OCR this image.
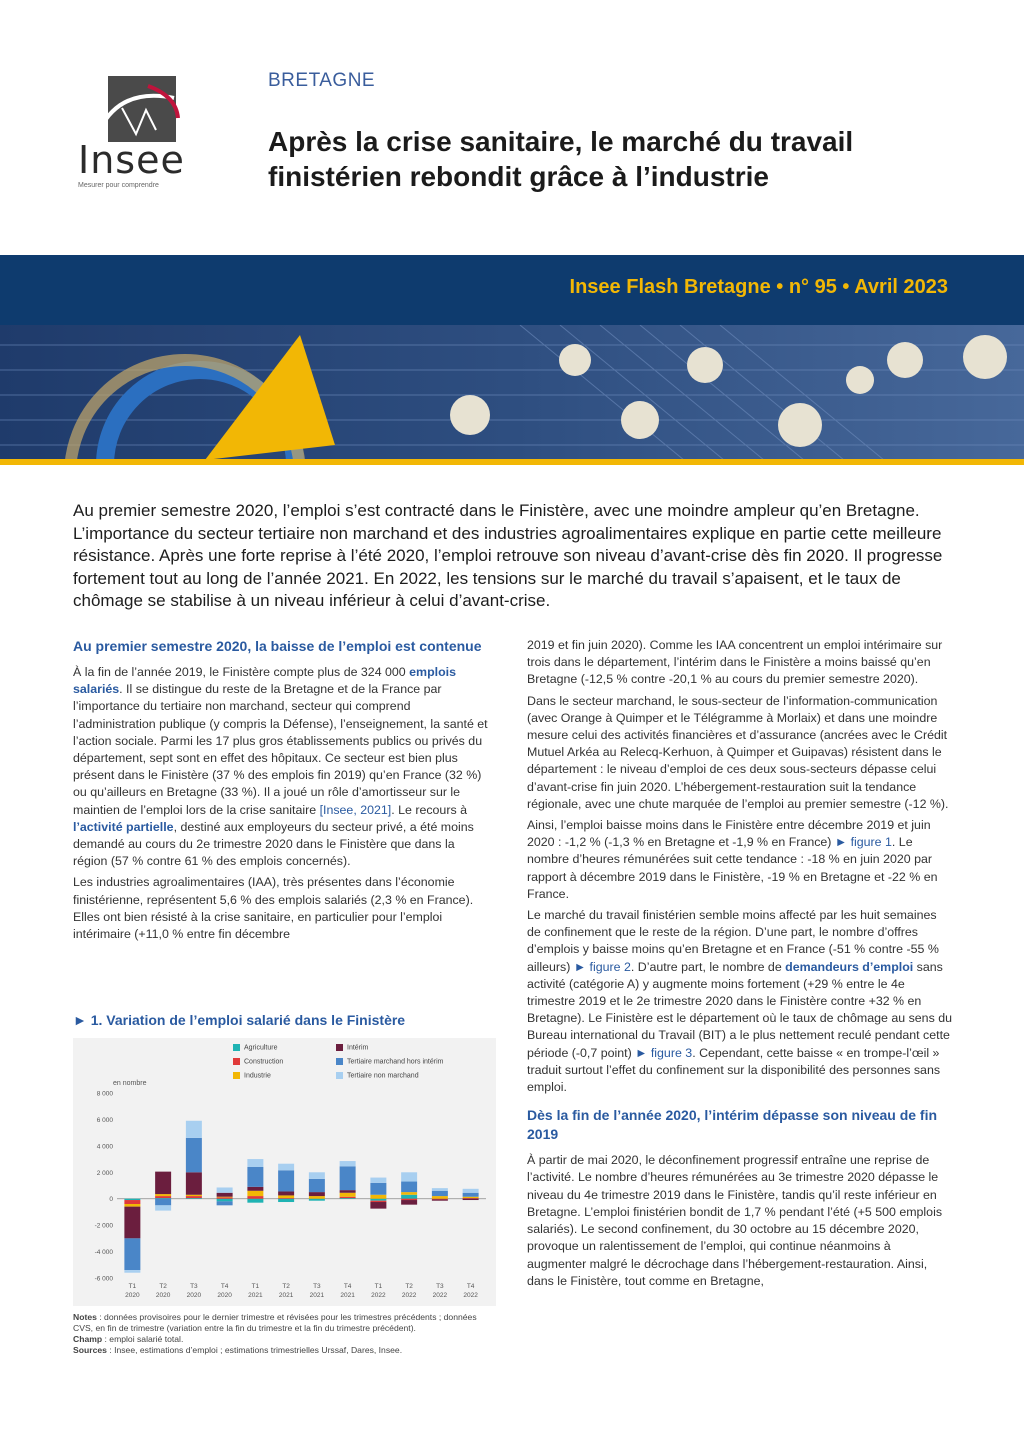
Insee
Mesurer pour comprendre
BRETAGNE
Après la crise sanitaire, le marché du travail finistérien rebondit grâce à l’industrie
Insee Flash Bretagne • n° 95 • Avril 2023
Au premier semestre 2020, l’emploi s’est contracté dans le Finistère, avec une moindre ampleur qu’en Bretagne. L’importance du secteur tertiaire non marchand et des industries agroalimentaires explique en partie cette meilleure résistance. Après une forte reprise à l’été 2020, l’emploi retrouve son niveau d’avant-crise dès fin 2020. Il progresse fortement tout au long de l’année 2021. En 2022, les tensions sur le marché du travail s’apaisent, et le taux de chômage se stabilise à un niveau inférieur à celui d’avant-crise.
Au premier semestre 2020, la baisse de l’emploi est contenue

À la fin de l’année 2019, le Finistère compte plus de 324 000 emplois salariés. Il se distingue du reste de la Bretagne et de la France par l’importance du tertiaire non marchand, secteur qui comprend l’administration publique (y compris la Défense), l’enseignement, la santé et l’action sociale. Parmi les 17 plus gros établissements publics ou privés du département, sept sont en effet des hôpitaux. Ce secteur est bien plus présent dans le Finistère (37 % des emplois fin 2019) qu’en France (32 %) ou qu’ailleurs en Bretagne (33 %). Il a joué un rôle d’amortisseur sur le maintien de l’emploi lors de la crise sanitaire [Insee, 2021]. Le recours à l’activité partielle, destiné aux employeurs du secteur privé, a été moins demandé au cours du 2e trimestre 2020 dans le Finistère que dans la région (57 % contre 61 % des emplois concernés).

Les industries agroalimentaires (IAA), très présentes dans l’économie finistérienne, représentent 5,6 % des emplois salariés (2,3 % en France). Elles ont bien résisté à la crise sanitaire, en particulier pour l’emploi intérimaire (+11,0 % entre fin décembre

► 1. Variation de l’emploi salarié dans le Finistère
Agriculture
Construction
Industrie
Intérim
Tertiaire marchand hors intérim
Tertiaire non marchand
en nombre
8 000
6 000
4 000
2 000
0
-2 000
-4 000
-6 000
T1
2020
T2
2020
T3
2020
T4
2020
T1
2021
T2
2021
T3
2021
T4
2021
T1
2022
T2
2022
T3
2022
T4
2022

Notes : données provisoires pour le dernier trimestre et révisées pour les trimestres précédents ; données CVS, en fin de trimestre (variation entre la fin du trimestre et la fin du trimestre précédent).

Champ : emploi salarié total.

Sources : Insee, estimations d’emploi ; estimations trimestrielles Urssaf, Dares, Insee.

2019 et fin juin 2020). Comme les IAA concentrent un emploi intérimaire sur trois dans le département, l’intérim dans le Finistère a moins baissé qu’en Bretagne (-12,5 % contre -20,1 % au cours du premier semestre 2020).

Dans le secteur marchand, le sous-secteur de l’information-communication (avec Orange à Quimper et le Télégramme à Morlaix) et dans une moindre mesure celui des activités financières et d’assurance (ancrées avec le Crédit Mutuel Arkéa au Relecq-Kerhuon, à Quimper et Guipavas) résistent dans le département : le niveau d’emploi de ces deux sous-secteurs dépasse celui d’avant-crise fin juin 2020. L’hébergement-restauration suit la tendance régionale, avec une chute marquée de l’emploi au premier semestre (-12 %).

Ainsi, l’emploi baisse moins dans le Finistère entre décembre 2019 et juin 2020 : -1,2 % (-1,3 % en Bretagne et -1,9 % en France) ► figure 1. Le nombre d’heures rémunérées suit cette tendance : -18 % en juin 2020 par rapport à décembre 2019 dans le Finistère, -19 % en Bretagne et -22 % en France.

Le marché du travail finistérien semble moins affecté par les huit semaines de confinement que le reste de la région. D’une part, le nombre d’offres d’emplois y baisse moins qu’en Bretagne et en France (-51 % contre -55 % ailleurs) ► figure 2. D’autre part, le nombre de demandeurs d’emploi sans activité (catégorie A) y augmente moins fortement (+29 % entre le 4e trimestre 2019 et le 2e trimestre 2020 dans le Finistère contre +32 % en Bretagne). Le Finistère est le département où le taux de chômage au sens du Bureau international du Travail (BIT) a le plus nettement reculé pendant cette période (-0,7 point) ► figure 3. Cependant, cette baisse « en trompe-l’œil » traduit surtout l’effet du confinement sur la disponibilité des personnes sans emploi.

Dès la fin de l’année 2020, l’intérim dépasse son niveau de fin 2019

À partir de mai 2020, le déconfinement progressif entraîne une reprise de l’activité. Le nombre d’heures rémunérées au 3e trimestre 2020 dépasse le niveau du 4e trimestre 2019 dans le Finistère, tandis qu’il reste inférieur en Bretagne. L’emploi finistérien bondit de 1,7 % pendant l’été (+5 500 emplois salariés). Le second confinement, du 30 octobre au 15 décembre 2020, provoque un ralentissement de l’emploi, qui continue néanmoins à augmenter malgré le décrochage dans l’hébergement-restauration. Ainsi, dans le Finistère, tout comme en Bretagne,
